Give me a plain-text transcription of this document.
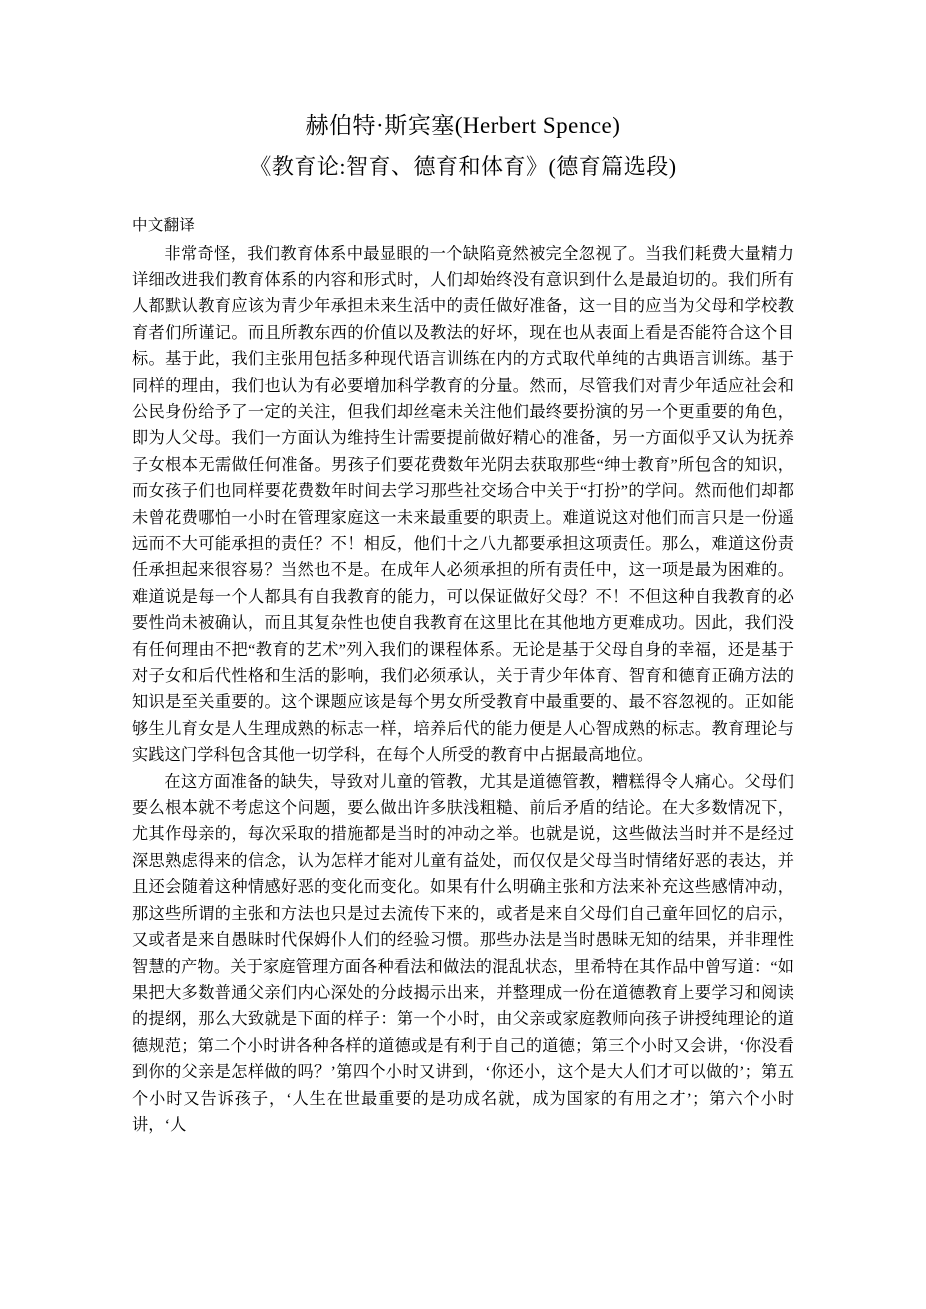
赫伯特·斯宾塞(Herbert Spence)
《教育论:智育、德育和体育》(德育篇选段)
中文翻译

非常奇怪，我们教育体系中最显眼的一个缺陷竟然被完全忽视了。当我们耗费大量精力详细改进我们教育体系的内容和形式时，人们却始终没有意识到什么是最迫切的。我们所有人都默认教育应该为青少年承担未来生活中的责任做好准备，这一目的应当为父母和学校教育者们所谨记。而且所教东西的价值以及教法的好坏，现在也从表面上看是否能符合这个目标。基于此，我们主张用包括多种现代语言训练在内的方式取代单纯的古典语言训练。基于同样的理由，我们也认为有必要增加科学教育的分量。然而，尽管我们对青少年适应社会和公民身份给予了一定的关注，但我们却丝毫未关注他们最终要扮演的另一个更重要的角色，即为人父母。我们一方面认为维持生计需要提前做好精心的准备，另一方面似乎又认为抚养子女根本无需做任何准备。男孩子们要花费数年光阴去获取那些“绅士教育”所包含的知识，而女孩子们也同样要花费数年时间去学习那些社交场合中关于“打扮”的学问。然而他们却都未曾花费哪怕一小时在管理家庭这一未来最重要的职责上。难道说这对他们而言只是一份遥远而不大可能承担的责任？不！相反，他们十之八九都要承担这项责任。那么，难道这份责任承担起来很容易？当然也不是。在成年人必须承担的所有责任中，这一项是最为困难的。难道说是每一个人都具有自我教育的能力，可以保证做好父母？不！不但这种自我教育的必要性尚未被确认，而且其复杂性也使自我教育在这里比在其他地方更难成功。因此，我们没有任何理由不把“教育的艺术”列入我们的课程体系。无论是基于父母自身的幸福，还是基于对子女和后代性格和生活的影响，我们必须承认，关于青少年体育、智育和德育正确方法的知识是至关重要的。这个课题应该是每个男女所受教育中最重要的、最不容忽视的。正如能够生儿育女是人生理成熟的标志一样，培养后代的能力便是人心智成熟的标志。教育理论与实践这门学科包含其他一切学科，在每个人所受的教育中占据最高地位。

在这方面准备的缺失，导致对儿童的管教，尤其是道德管教，糟糕得令人痛心。父母们要么根本就不考虑这个问题，要么做出许多肤浅粗糙、前后矛盾的结论。在大多数情况下，尤其作母亲的，每次采取的措施都是当时的冲动之举。也就是说，这些做法当时并不是经过深思熟虑得来的信念，认为怎样才能对儿童有益处，而仅仅是父母当时情绪好恶的表达，并且还会随着这种情感好恶的变化而变化。如果有什么明确主张和方法来补充这些感情冲动，那这些所谓的主张和方法也只是过去流传下来的，或者是来自父母们自己童年回忆的启示，又或者是来自愚昧时代保姆仆人们的经验习惯。那些办法是当时愚昧无知的结果，并非理性智慧的产物。关于家庭管理方面各种看法和做法的混乱状态，里希特在其作品中曾写道：“如果把大多数普通父亲们内心深处的分歧揭示出来，并整理成一份在道德教育上要学习和阅读的提纲，那么大致就是下面的样子：第一个小时，由父亲或家庭教师向孩子讲授纯理论的道德规范；第二个小时讲各种各样的道德或是有利于自己的道德；第三个小时又会讲，‘你没看到你的父亲是怎样做的吗？’第四个小时又讲到，‘你还小，这个是大人们才可以做的’；第五个小时又告诉孩子，‘人生在世最重要的是功成名就，成为国家的有用之才’；第六个小时讲，‘人
